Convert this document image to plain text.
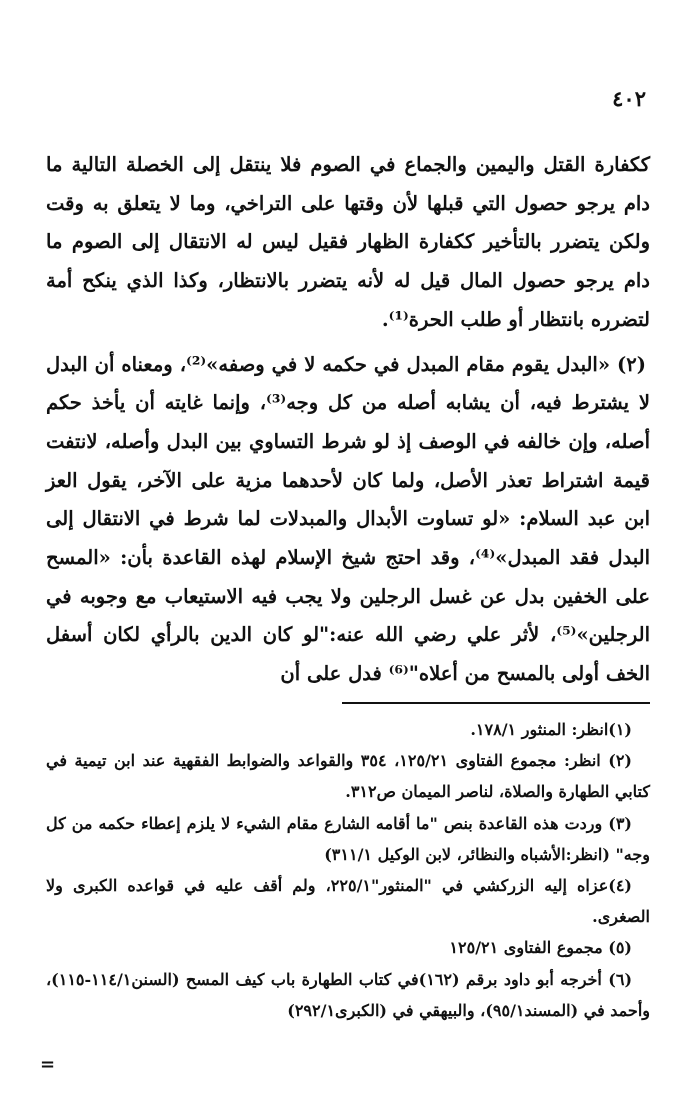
٤٠٢

ككفارة القتل واليمين والجماع في الصوم فلا ينتقل إلى الخصلة التالية ما دام يرجو حصول التي قبلها لأن وقتها على التراخي، وما لا يتعلق به وقت ولكن يتضرر بالتأخير ككفارة الظهار فقيل ليس له الانتقال إلى الصوم ما دام يرجو حصول المال قيل له لأنه يتضرر بالانتظار، وكذا الذي ينكح أمة لتضرره بانتظار أو طلب الحرة⁽¹⁾.

(٢) «البدل يقوم مقام المبدل في حكمه لا في وصفه»⁽²⁾، ومعناه أن البدل لا يشترط فيه، أن يشابه أصله من كل وجه⁽³⁾، وإنما غايته أن يأخذ حكم أصله، وإن خالفه في الوصف إذ لو شرط التساوي بين البدل وأصله، لانتفت قيمة اشتراط تعذر الأصل، ولما كان لأحدهما مزية على الآخر، يقول العز ابن عبد السلام: «لو تساوت الأبدال والمبدلات لما شرط في الانتقال إلى البدل فقد المبدل»⁽⁴⁾، وقد احتج شيخ الإسلام لهذه القاعدة بأن: «المسح على الخفين بدل عن غسل الرجلين ولا يجب فيه الاستيعاب مع وجوبه في الرجلين»⁽⁵⁾، لأثر علي رضي الله عنه:"لو كان الدين بالرأي لكان أسفل الخف أولى بالمسح من أعلاه"⁽⁶⁾ فدل على أن

(١)انظر: المنثور ١٧٨/١.

(٢) انظر: مجموع الفتاوى ١٢٥/٢١، ٣٥٤ والقواعد والضوابط الفقهية عند ابن تيمية في كتابي الطهارة والصلاة، لناصر الميمان ص٣١٢.

(٣) وردت هذه القاعدة بنص "ما أقامه الشارع مقام الشيء لا يلزم إعطاء حكمه من كل وجه" (انظر:الأشباه والنظائر، لابن الوكيل ٣١١/١)

(٤)عزاه إليه الزركشي في "المنثور"٢٢٥/١، ولم أقف عليه في قواعده الكبرى ولا الصغرى.

(٥) مجموع الفتاوى ١٢٥/٢١

(٦) أخرجه أبو داود برقم (١٦٢)في كتاب الطهارة باب كيف المسح (السنن١١٤/١-١١٥)، وأحمد في (المسند٩٥/١)، والبيهقي في (الكبرى٢٩٢/١)

=
